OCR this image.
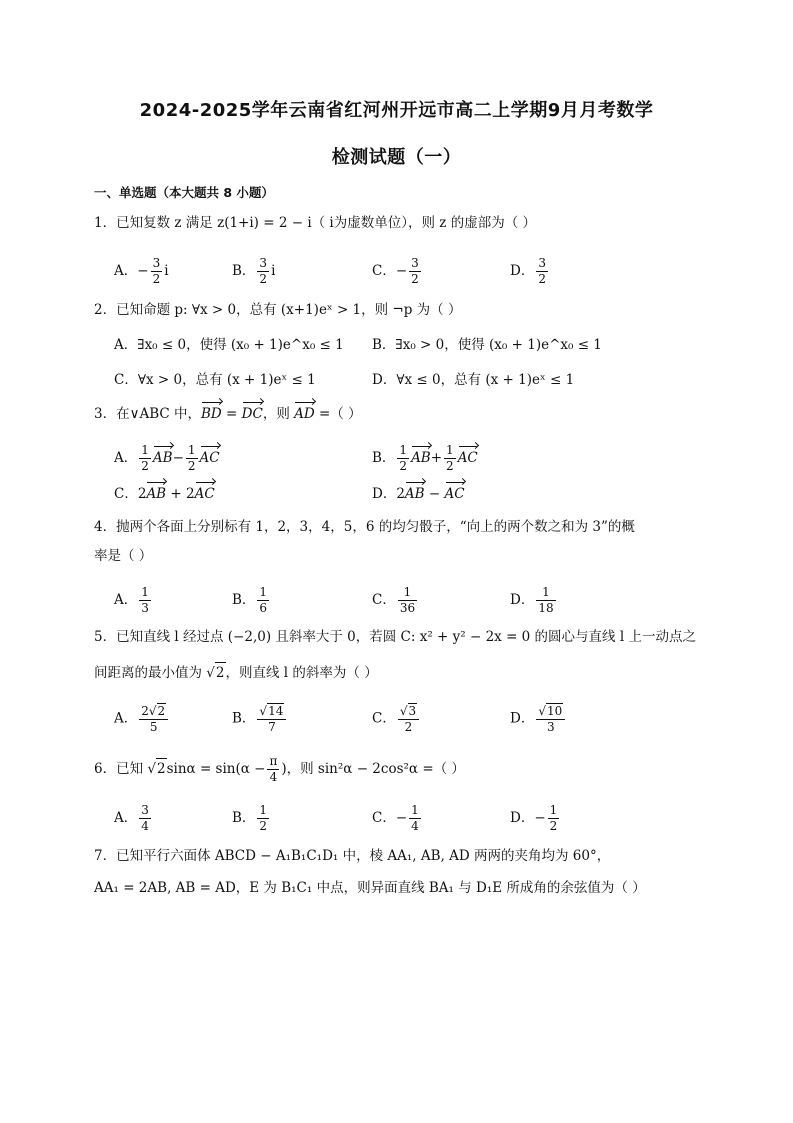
2024-2025学年云南省红河州开远市高二上学期9月月考数学
检测试题（一）
一、单选题（本大题共 8 小题）
1．已知复数 z 满足 z(1+i) = 2 − i（ i为虚数单位），则 z 的虚部为（ ）
A．− $\frac{3}{2}$ i	B． $\frac{3}{2}$ i	C．− $\frac{3}{2}$	D． $\frac{3}{2}$
2．已知命题 p: ∀x > 0，总有 (x+1)eˣ > 1，则 ¬p 为（ ）
A．∃x₀ ≤ 0，使得 (x₀ + 1)e^x₀ ≤ 1 B．∃x₀ > 0，使得 (x₀ + 1)e^x₀ ≤ 1
C．∀x > 0，总有 (x + 1)eˣ ≤ 1	D．∀x ≤ 0，总有 (x + 1)eˣ ≤ 1
3．在∨ABC 中，BD = DC，则 AD =（ ）
A． $\frac{1}{2} AB- \frac{1}{2}$ AC	B． $\frac{1}{2} AB+ \frac{1}{2}$ AC
C．2AB + 2AC	D．2AB − AC
4．抛两个各面上分别标有 1，2，3，4，5，6 的均匀骰子，“向上的两个数之和为 3”的概
率是（ ）
A． $\frac{1}{3}$	B． $\frac{1}{6}$	C． $\frac{1}{36}$	D． $\frac{1}{18}$
5．已知直线 l 经过点 (−2,0) 且斜率大于 0，若圆 C: x² + y² − 2x = 0 的圆心与直线 l 上一动点之
间距离的最小值为 √2，则直线 l 的斜率为（ ）
A． $\frac{2√2}{5}$	B． $\frac{√14}{7}$	C． $\frac{√3}{2}$	D． $\frac{√10}{3}$
6．已知 $√2\sin\alpha = \sin(\alpha - \frac{\pi}{4}$ )，则 sin²α − 2cos²α =（ ）
A． $\frac{3}{4}$	B． $\frac{1}{2}$	C．− $\frac{1}{4}$	D．− $\frac{1}{2}$
7．已知平行六面体 ABCD − A₁B₁C₁D₁ 中，棱 AA₁, AB, AD 两两的夹角均为 60°，
AA₁ = 2AB, AB = AD，E 为 B₁C₁ 中点，则异面直线 BA₁ 与 D₁E 所成角的余弦值为（ ）
